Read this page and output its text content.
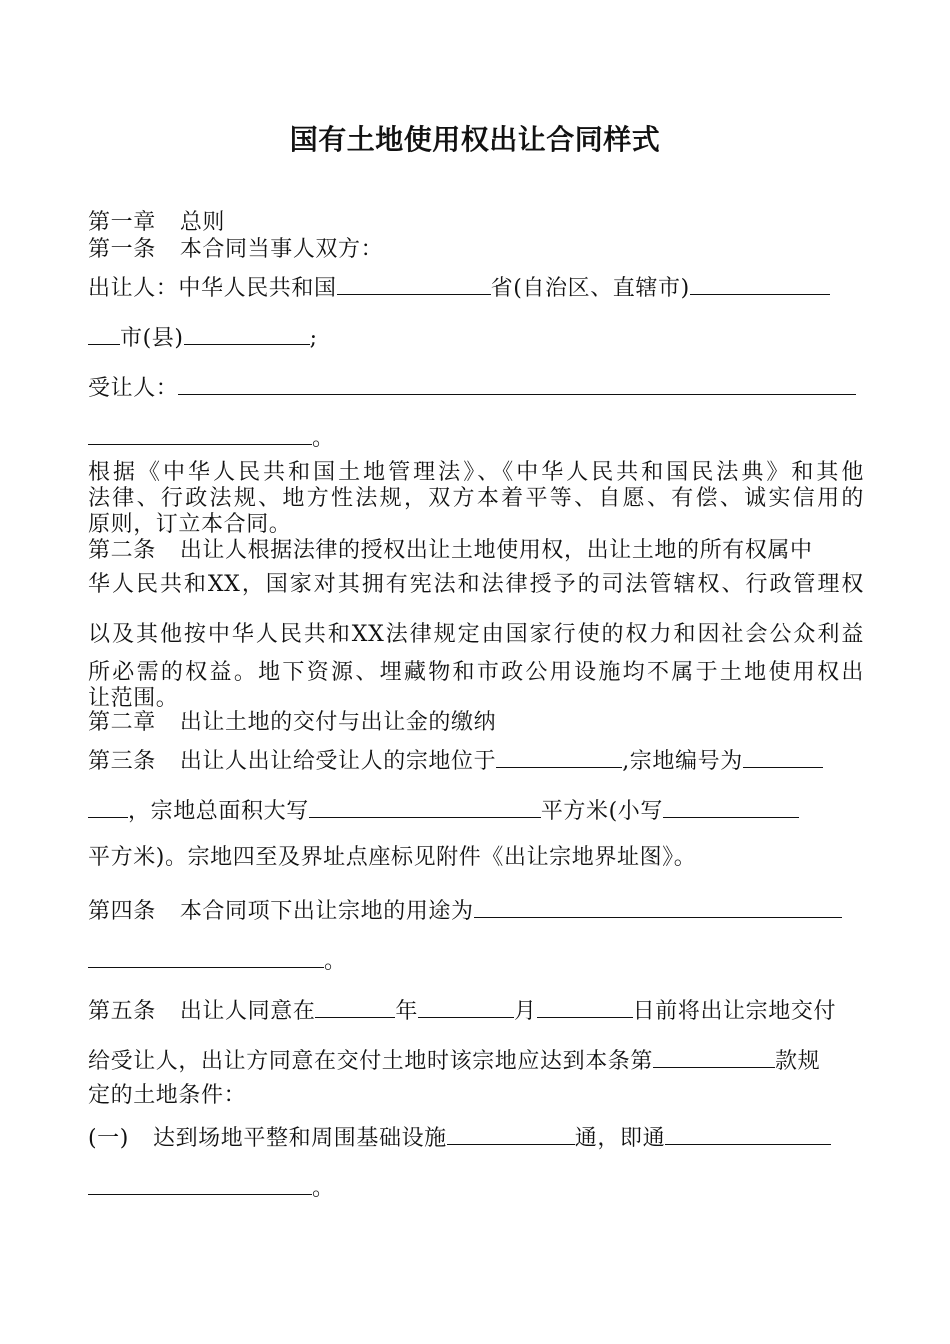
国有土地使用权出让合同样式
第一章 总则
第一条 本合同当事人双方：
出让人：中华人民共和国	省(自治区、直辖市)
市(县)	;
受让人：
。
根据《中华人民共和国土地管理法》、《中华人民共和国民法典》和其他
法律、行政法规、地方性法规，双方本着平等、自愿、有偿、诚实信用的
原则，订立本合同。
第二条 出让人根据法律的授权出让土地使用权，出让土地的所有权属中
华人民共和XX，国家对其拥有宪法和法律授予的司法管辖权、行政管理权
以及其他按中华人民共和XX法律规定由国家行使的权力和因社会公众利益
所必需的权益。地下资源、埋藏物和市政公用设施均不属于土地使用权出
让范围。
第二章 出让土地的交付与出让金的缴纳
第三条 出让人出让给受让人的宗地位于	,宗地编号为
，宗地总面积大写	平方米(小写
平方米)。宗地四至及界址点座标见附件《出让宗地界址图》。
第四条 本合同项下出让宗地的用途为
。
第五条 出让人同意在	年	月	日前将出让宗地交付
给受让人，出让方同意在交付土地时该宗地应达到本条第	款规
定的土地条件：
(一) 达到场地平整和周围基础设施	通，即通
。
